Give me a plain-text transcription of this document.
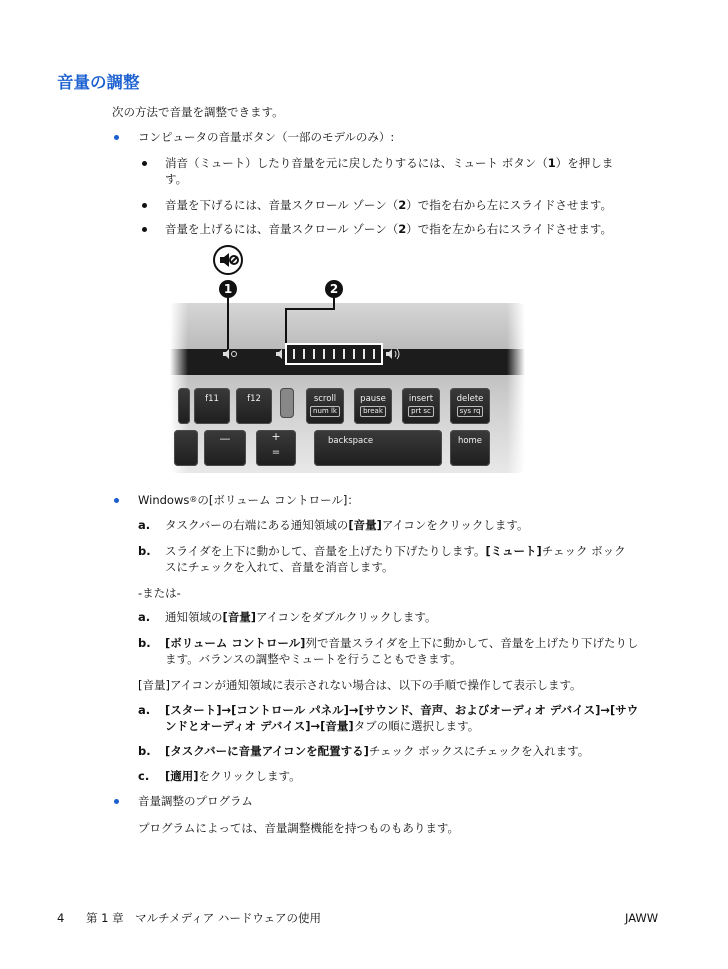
音量の調整

次の方法で音量を調整できます。

コンピュータの音量ボタン（一部のモデルのみ）:

消音（ミュート）したり音量を元に戻したりするには、ミュート ボタン（1）を押しま
す。

音量を下げるには、音量スクロール ゾーン（2）で指を右から左にスライドさせます。

音量を上げるには、音量スクロール ゾーン（2）で指を左から右にスライドさせます。

1	2
f11	f12	scroll
num lk
pause
break
insert
prt sc
delete
sys rq
—	+
=
backspace	home

Windows®の[ボリューム コントロール]：

a. タスクバーの右端にある通知領域の[音量]アイコンをクリックします。

b. スライダを上下に動かして、音量を上げたり下げたりします。[ミュート]チェック ボック
スにチェックを入れて、音量を消音します。

-または-

a. 通知領域の[音量]アイコンをダブルクリックします。

b. [ボリューム コントロール]列で音量スライダを上下に動かして、音量を上げたり下げたりし
ます。バランスの調整やミュートを行うこともできます。

[音量]アイコンが通知領域に表示されない場合は、以下の手順で操作して表示します。

a. [スタート]→[コントロール パネル]→[サウンド、音声、およびオーディオ デバイス]→[サウ
ンドとオーディオ デバイス]→[音量]タブの順に選択します。

b. [タスクバーに音量アイコンを配置する]チェック ボックスにチェックを入れます。

c. [適用]をクリックします。

音量調整のプログラム

プログラムによっては、音量調整機能を持つものもあります。

4 第 1 章　マルチメディア ハードウェアの使用	JAWW
